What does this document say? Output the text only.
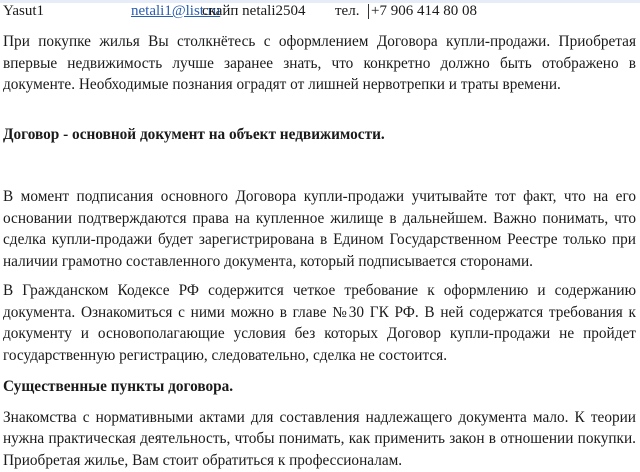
Yasut1	netali1@list.ru
скайп netali2504 тел. +7 906 414 80 08

При покупке жилья Вы столкнётесь с оформлением Договора купли-продажи. Приобретая впервые недвижимость лучше заранее знать, что конкретно должно быть отображено в документе. Необходимые познания оградят от лишней нервотрепки и траты времени.

Договор - основной документ на объект недвижимости.

В момент подписания основного Договора купли-продажи учитывайте тот факт, что на его основании подтверждаются права на купленное жилище в дальнейшем. Важно понимать, что сделка купли-продажи будет зарегистрирована в Едином Государственном Реестре только при наличии грамотно составленного документа, который подписывается сторонами.

В Гражданском Кодексе РФ содержится четкое требование к оформлению и содержанию документа. Ознакомиться с ними можно в главе №30 ГК РФ. В ней содержатся требования к документу и основополагающие условия без которых Договор купли-продажи не пройдет государственную регистрацию, следовательно, сделка не состоится.

Существенные пункты договора.

Знакомства с нормативными актами для составления надлежащего документа мало. К теории нужна практическая деятельность, чтобы понимать, как применить закон в отношении покупки. Приобретая жилье, Вам стоит обратиться к профессионалам.
